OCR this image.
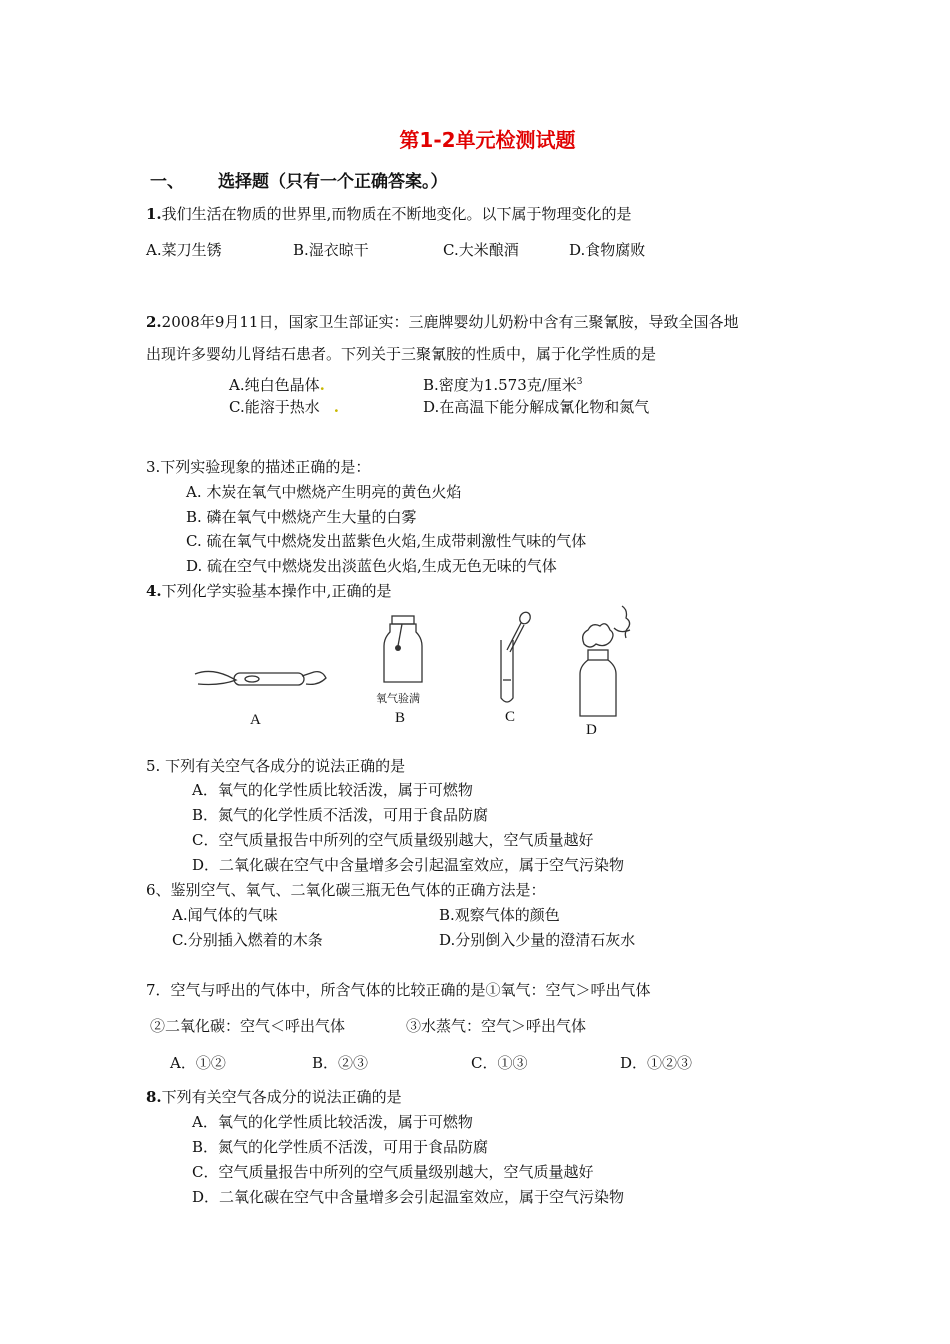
第1-2单元检测试题
一、 选择题（只有一个正确答案。）
1.我们生活在物质的世界里,而物质在不断地变化。以下属于物理变化的是
A.菜刀生锈	B.湿衣晾干	C.大米酿酒	D.食物腐败
2.2008年9月11日，国家卫生部证实：三鹿牌婴幼儿奶粉中含有三聚氰胺，导致全国各地
出现许多婴幼儿肾结石患者。下列关于三聚氰胺的性质中，属于化学性质的是
A.纯白色晶体.	B.密度为1.573克/厘米$^3$
C.能溶于热水 .	D.在高温下能分解成氰化物和氮气
3.下列实验现象的描述正确的是：
A. 木炭在氧气中燃烧产生明亮的黄色火焰
B. 磷在氧气中燃烧产生大量的白雾
C. 硫在氧气中燃烧发出蓝紫色火焰,生成带刺激性气味的气体
D. 硫在空气中燃烧发出淡蓝色火焰,生成无色无味的气体
4.下列化学实验基本操作中,正确的是
A
氧气验满
B	C
D
5. 下列有关空气各成分的说法正确的是
A．氧气的化学性质比较活泼，属于可燃物
B．氮气的化学性质不活泼，可用于食品防腐
C．空气质量报告中所列的空气质量级别越大，空气质量越好
D．二氧化碳在空气中含量增多会引起温室效应，属于空气污染物
6、鉴别空气、氧气、二氧化碳三瓶无色气体的正确方法是：
A.闻气体的气味	B.观察气体的颜色
C.分别插入燃着的木条	D.分别倒入少量的澄清石灰水
7．空气与呼出的气体中，所含气体的比较正确的是①氧气：空气＞呼出气体
②二氧化碳：空气＜呼出气体	③水蒸气：空气＞呼出气体
A．①②	B．②③	C．①③	D．①②③
8.下列有关空气各成分的说法正确的是
A．氧气的化学性质比较活泼，属于可燃物
B．氮气的化学性质不活泼，可用于食品防腐
C．空气质量报告中所列的空气质量级别越大，空气质量越好
D．二氧化碳在空气中含量增多会引起温室效应，属于空气污染物
